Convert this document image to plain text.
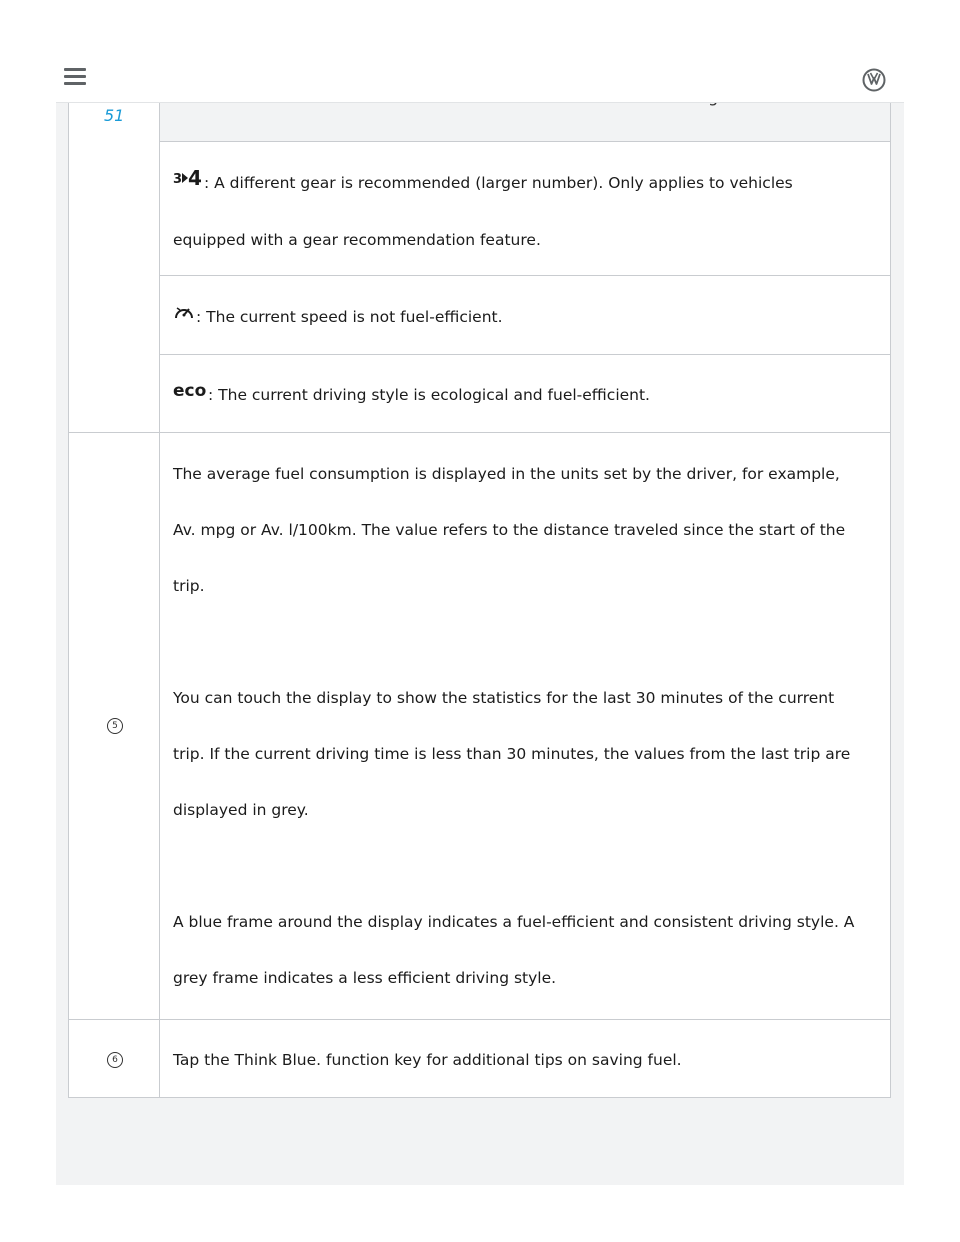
51

3 4 : A different gear is recommended (larger number). Only applies to vehicles

equipped with a gear recommendation feature.

: The current speed is not fuel-efficient.

eco : The current driving style is ecological and fuel-efficient.

5

The average fuel consumption is displayed in the units set by the driver, for example,

Av. mpg or Av. l/100km. The value refers to the distance traveled since the start of the

trip.

You can touch the display to show the statistics for the last 30 minutes of the current

trip. If the current driving time is less than 30 minutes, the values from the last trip are

displayed in grey.

A blue frame around the display indicates a fuel-efficient and consistent driving style. A

grey frame indicates a less efficient driving style.

6	Tap the Think Blue. function key for additional tips on saving fuel.
